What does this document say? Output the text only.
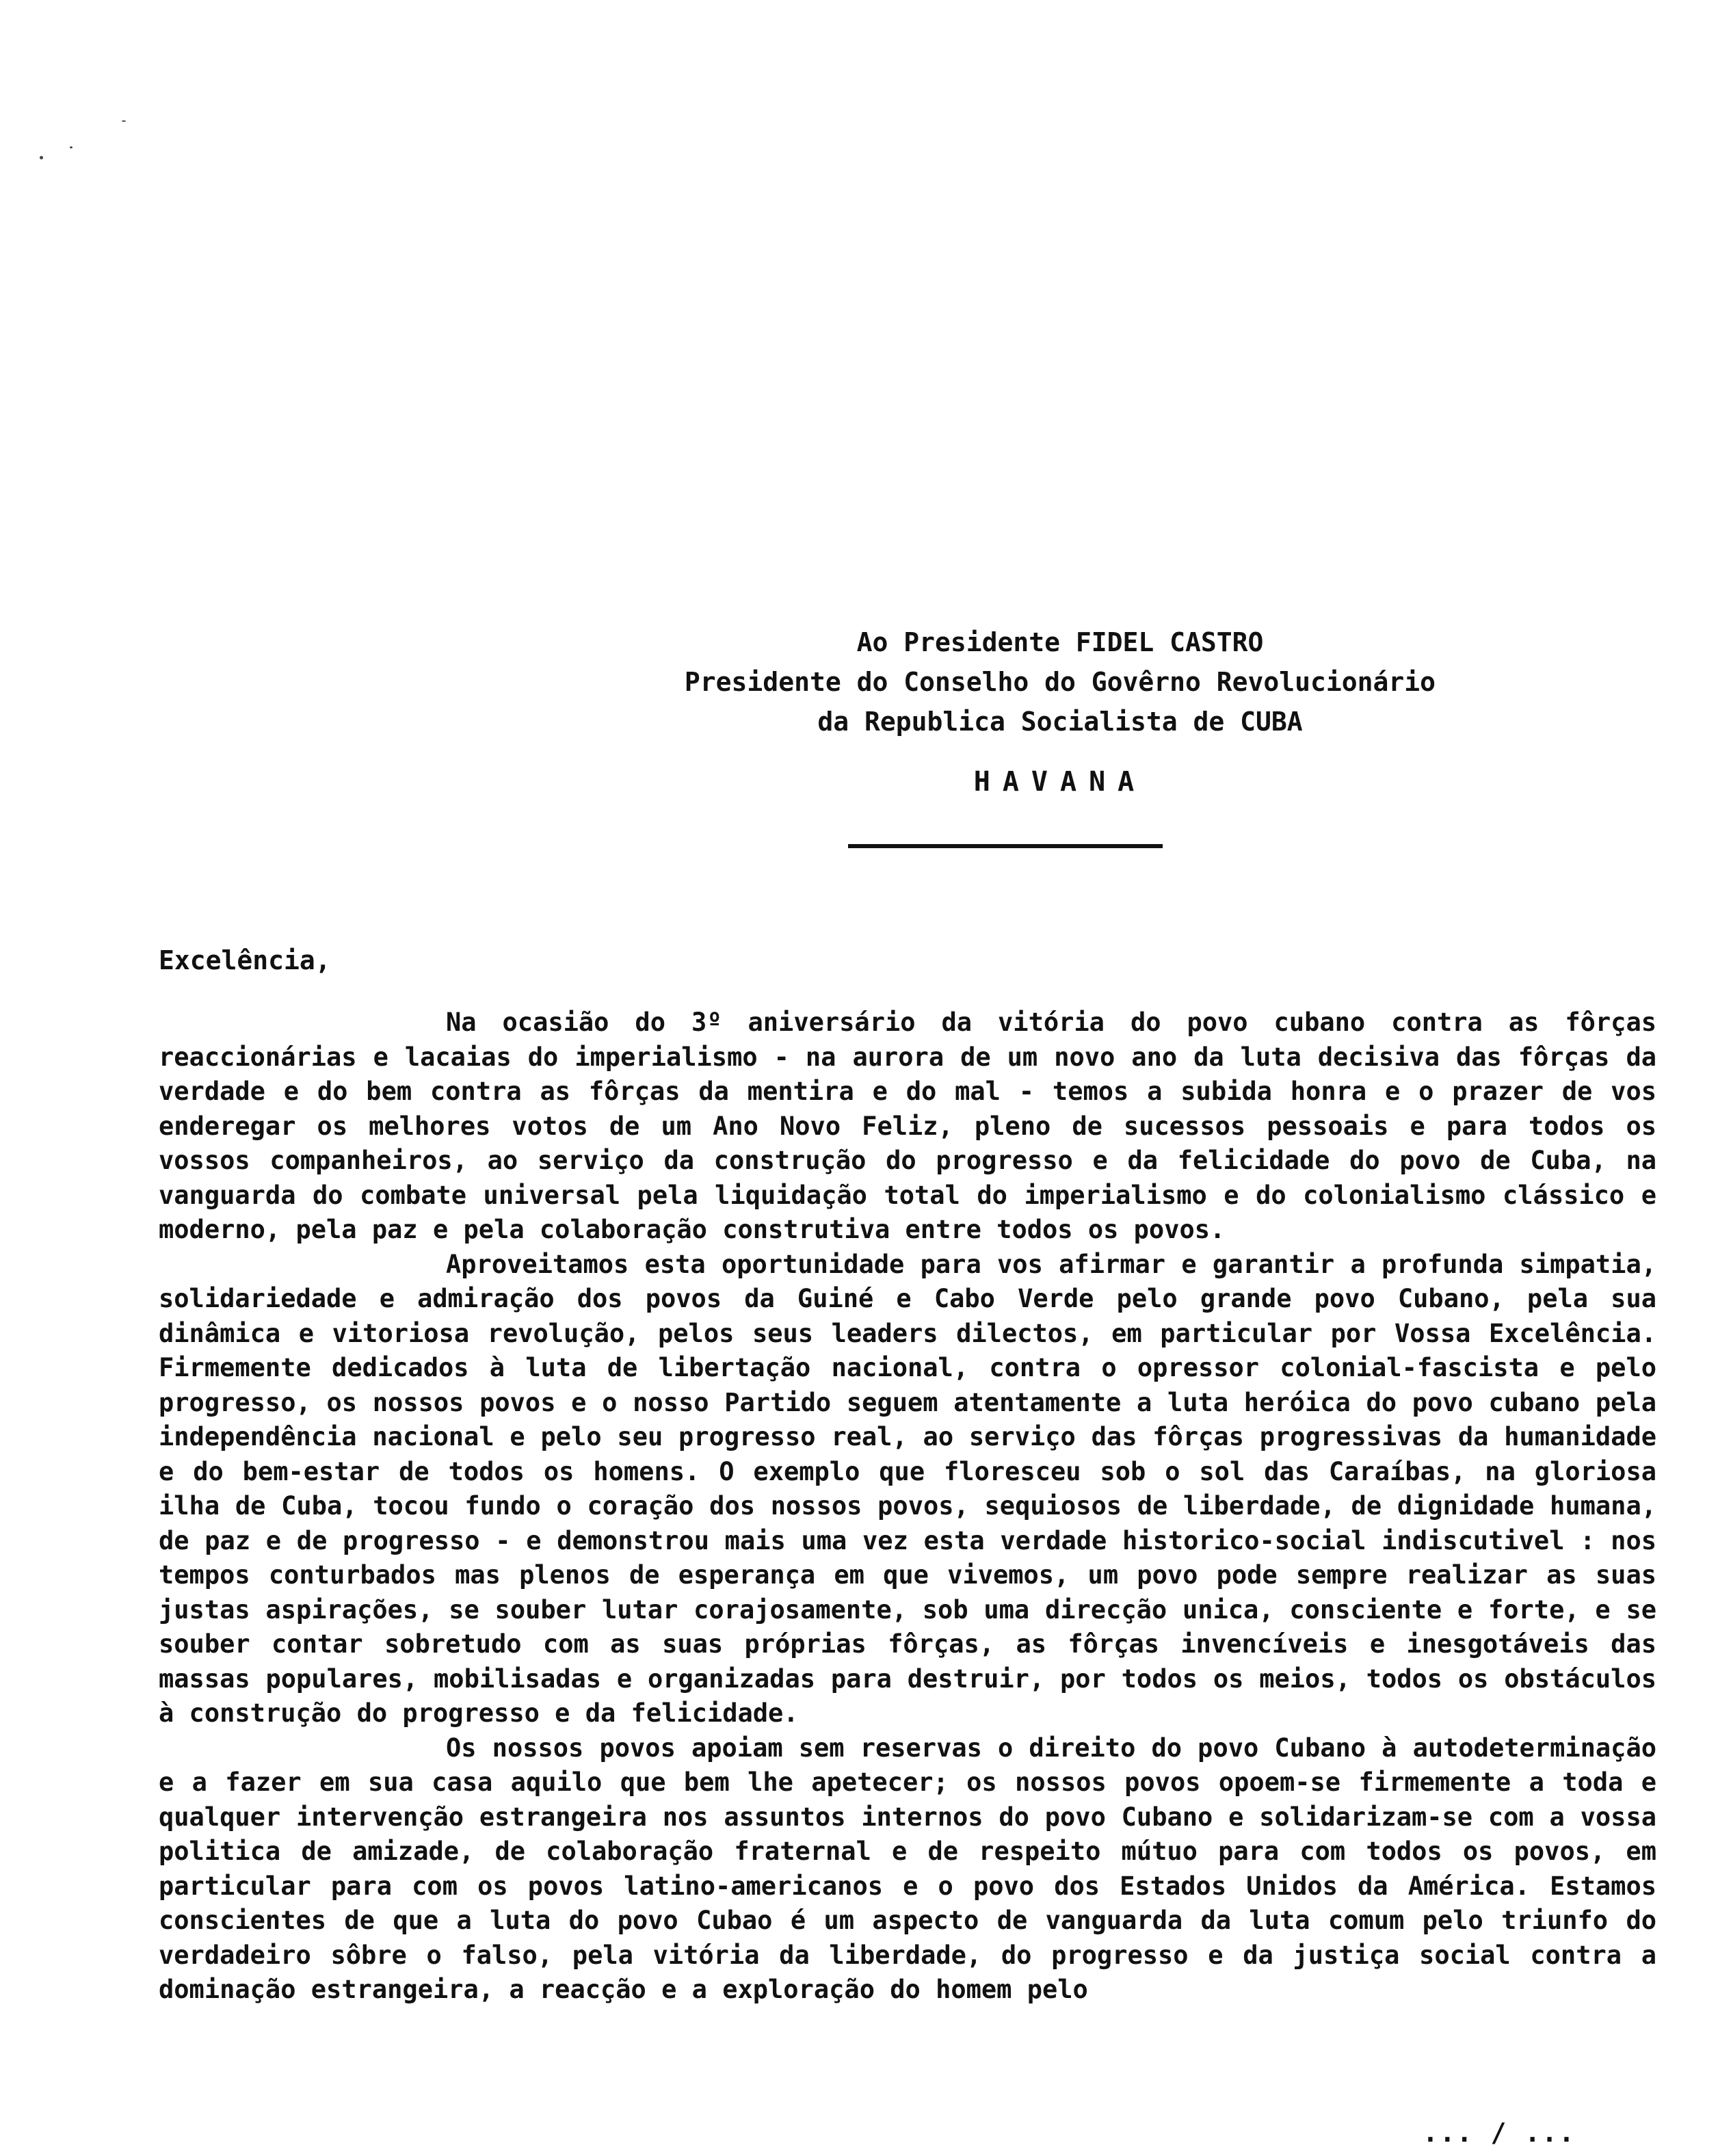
Ao Presidente FIDEL CASTRO
Presidente do Conselho do Govêrno Revolucionário
da Republica Socialista de CUBA
HAVANA
Excelência,

Na ocasião do 3º aniversário da vitória do povo cubano contra as fôrças reaccionárias e lacaias do imperialismo - na aurora de um novo ano da luta decisiva das fôrças da verdade e do bem contra as fôrças da mentira e do mal - temos a subida honra e o prazer de vos enderegar os melhores votos de um Ano Novo Feliz, pleno de sucessos pessoais e para todos os vossos companheiros, ao serviço da construção do progresso e da felicidade do povo de Cuba, na vanguarda do combate universal pela liquidação total do imperialismo e do colonialismo clássico e moderno, pela paz e pela colaboração construtiva entre todos os povos.

Aproveitamos esta oportunidade para vos afirmar e garantir a profunda simpatia, solidariedade e admiração dos povos da Guiné e Cabo Verde pelo grande povo Cubano, pela sua dinâmica e vitoriosa revolução, pelos seus leaders dilectos, em particular por Vossa Excelência. Firmemente dedicados à luta de libertação nacional, contra o opressor colonial-fascista e pelo progresso, os nossos povos e o nosso Partido seguem atentamente a luta heróica do povo cubano pela independência nacional e pelo seu progresso real, ao serviço das fôrças progressivas da humanidade e do bem-estar de todos os homens. O exemplo que floresceu sob o sol das Caraíbas, na gloriosa ilha de Cuba, tocou fundo o coração dos nossos povos, sequiosos de liberdade, de dignidade humana, de paz e de progresso - e demonstrou mais uma vez esta verdade historico-social indiscutivel : nos tempos conturbados mas plenos de esperança em que vivemos, um povo pode sempre realizar as suas justas aspirações, se souber lutar corajosamente, sob uma direcção unica, consciente e forte, e se souber contar sobretudo com as suas próprias fôrças, as fôrças invencíveis e inesgotáveis das massas populares, mobilisadas e organizadas para destruir, por todos os meios, todos os obstáculos à construção do progresso e da felicidade.

Os nossos povos apoiam sem reservas o direito do povo Cubano à autodeterminação e a fazer em sua casa aquilo que bem lhe apetecer; os nossos povos opoem-se firmemente a toda e qualquer intervenção estrangeira nos assuntos internos do povo Cubano e solidarizam-se com a vossa politica de amizade, de colaboração fraternal e de respeito mútuo para com todos os povos, em particular para com os povos latino-americanos e o povo dos Estados Unidos da América. Estamos conscientes de que a luta do povo Cubao é um aspecto de vanguarda da luta comum pelo triunfo do verdadeiro sôbre o falso, pela vitória da liberdade, do progresso e da justiça social contra a dominação estrangeira, a reacção e a exploração do homem pelo

... / ...
